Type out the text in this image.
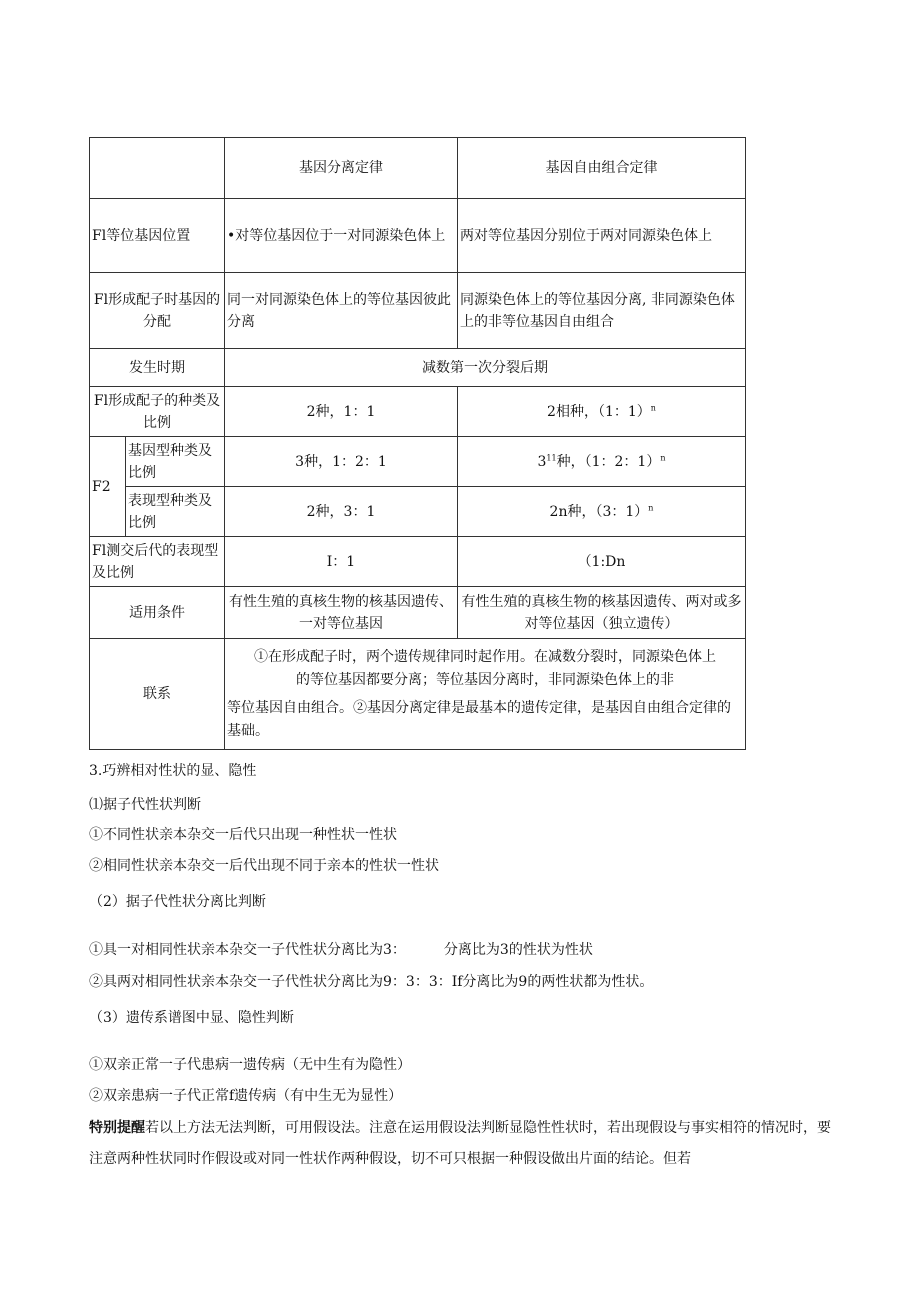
		基因分离定律	基因自由组合定律
Fl等位基因位置		•对等位基因位于一对同源染色体上	两对等位基因分别位于两对同源染色体上
Fl形成配子时基因的分配		同一对同源染色体上的等位基因彼此分离	同源染色体上的等位基因分离, 非同源染色体上的非等位基因自由组合
发生时期		减数第一次分裂后期	
Fl形成配子的种类及比例		2种，1：1	2相种，（1：1）$^n$
F2	基因型种类及比例	3种，1：2：1	$3^{11}$种，（1：2：1）$^n$
	表现型种类及比例	2种，3：1	2n种，（3：1）$^n$
Fl测交后代的表现型及比例		I：1	（1:Dn
适用条件		有性生殖的真核生物的核基因遗传、一对等位基因	有性生殖的真核生物的核基因遗传、两对或多对等位基因（独立遗传）
联系		①在形成配子时，两个遗传规律同时起作用。在减数分裂时，同源染色体上
的等位基因都要分离；等位基因分离时，非同源染色体上的非
等位基因自由组合。②基因分离定律是最基本的遗传定律，是基因自由组合定律的基础。	
3.巧辨相对性状的显、隐性
⑴据子代性状判断
①不同性状亲本杂交一后代只出现一种性状一性状
②相同性状亲本杂交一后代出现不同于亲本的性状一性状
（2）据子代性状分离比判断
①具一对相同性状亲本杂交一子代性状分离比为3：	分离比为3的性状为性状
②具两对相同性状亲本杂交一子代性状分离比为9：3：3：If分离比为9的两性状都为性状。
（3）遗传系谱图中显、隐性判断
①双亲正常一子代患病一遗传病（无中生有为隐性）
②双亲患病一子代正常f遗传病（有中生无为显性）
特别提醒若以上方法无法判断，可用假设法。注意在运用假设法判断显隐性性状时，若出现假设与事实相符的情况时，要注意两种性状同时作假设或对同一性状作两种假设，切不可只根据一种假设做出片面的结论。但若
